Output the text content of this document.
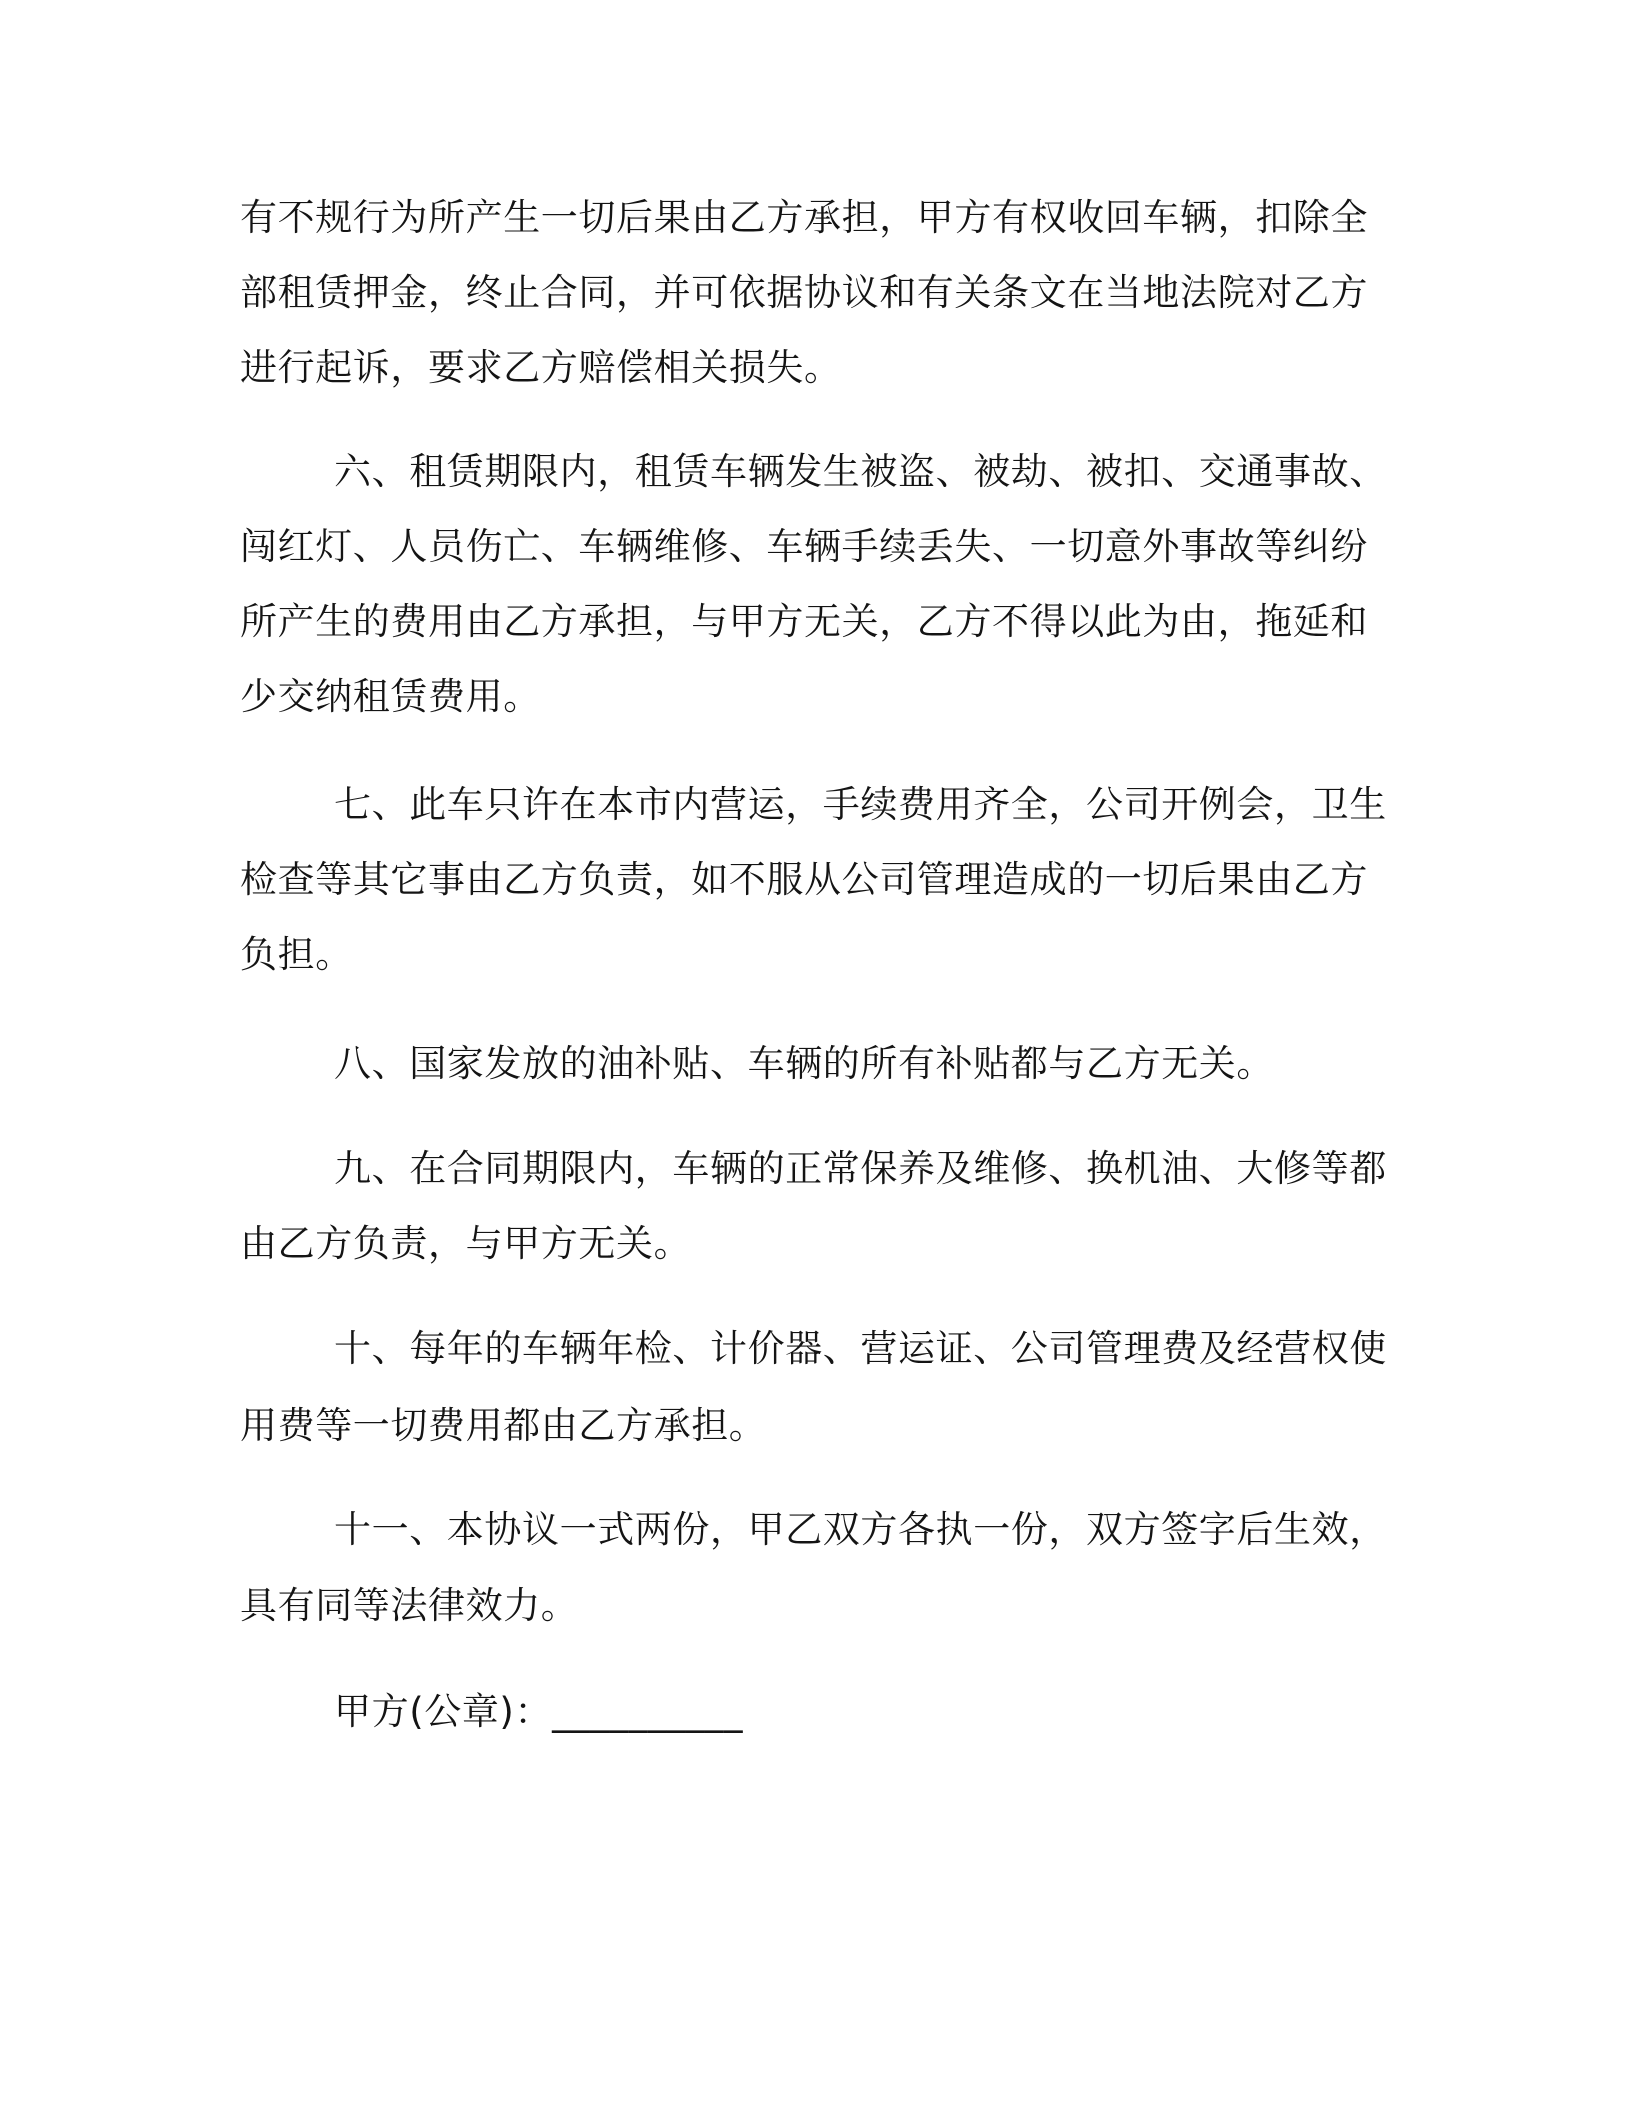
有不规行为所产生一切后果由乙方承担，甲方有权收回车辆，扣除全
部租赁押金，终止合同，并可依据协议和有关条文在当地法院对乙方
进行起诉，要求乙方赔偿相关损失。
六、租赁期限内，租赁车辆发生被盗、被劫、被扣、交通事故、
闯红灯、人员伤亡、车辆维修、车辆手续丢失、一切意外事故等纠纷
所产生的费用由乙方承担，与甲方无关，乙方不得以此为由，拖延和
少交纳租赁费用。
七、此车只许在本市内营运，手续费用齐全，公司开例会，卫生
检查等其它事由乙方负责，如不服从公司管理造成的一切后果由乙方
负担。
八、国家发放的油补贴、车辆的所有补贴都与乙方无关。
九、在合同期限内，车辆的正常保养及维修、换机油、大修等都
由乙方负责，与甲方无关。
十、每年的车辆年检、计价器、营运证、公司管理费及经营权使
用费等一切费用都由乙方承担。
十一、本协议一式两份，甲乙双方各执一份，双方签字后生效，
具有同等法律效力。
甲方(公章)：__________
